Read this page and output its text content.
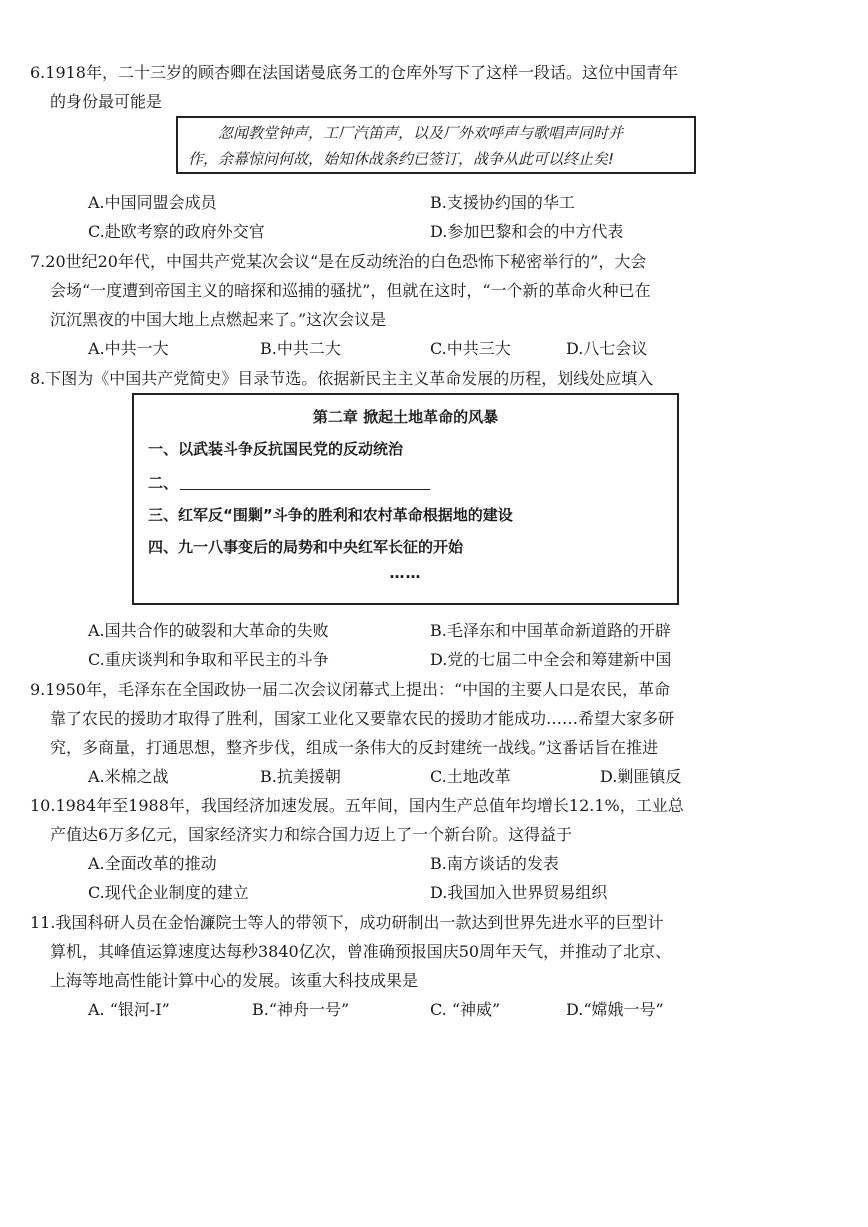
6.1918年，二十三岁的顾杏卿在法国诺曼底务工的仓库外写下了这样一段话。这位中国青年

的身份最可能是

忽闻教堂钟声，工厂汽笛声，以及厂外欢呼声与歌唱声同时并

作，余幕惊问何故，始知休战条约已签订，战争从此可以终止矣!

A.中国同盟会成员	B.支援协约国的华工
C.赴欧考察的政府外交官	D.参加巴黎和会的中方代表

7.20世纪20年代，中国共产党某次会议“是在反动统治的白色恐怖下秘密举行的”，大会

会场“一度遭到帝国主义的暗探和巡捕的骚扰”，但就在这时，“一个新的革命火种已在

沉沉黑夜的中国大地上点燃起来了。”这次会议是

A.中共一大	B.中共二大	C.中共三大	D.八七会议

8.下图为《中国共产党简史》目录节选。依据新民主主义革命发展的历程，划线处应填入

第二章 掀起土地革命的风暴
一、以武装斗争反抗国民党的反动统治
二、
三、红军反“围剿”斗争的胜利和农村革命根据地的建设
四、九一八事变后的局势和中央红军长征的开始
……
A.国共合作的破裂和大革命的失败	B.毛泽东和中国革命新道路的开辟
C.重庆谈判和争取和平民主的斗争	D.党的七届二中全会和筹建新中国

9.1950年，毛泽东在全国政协一届二次会议闭幕式上提出：“中国的主要人口是农民，革命

靠了农民的援助才取得了胜利，国家工业化又要靠农民的援助才能成功……希望大家多研

究，多商量，打通思想，整齐步伐，组成一条伟大的反封建统一战线。”这番话旨在推进

A.米棉之战	B.抗美援朝	C.土地改革	D.剿匪镇反

10.1984年至1988年，我国经济加速发展。五年间，国内生产总值年均增长12.1%，工业总

产值达6万多亿元，国家经济实力和综合国力迈上了一个新台阶。这得益于

A.全面改革的推动	B.南方谈话的发表
C.现代企业制度的建立	D.我国加入世界贸易组织

11.我国科研人员在金怡濂院士等人的带领下，成功研制出一款达到世界先进水平的巨型计

算机，其峰值运算速度达每秒3840亿次，曾准确预报国庆50周年天气，并推动了北京、

上海等地高性能计算中心的发展。该重大科技成果是

A. “银河-Ⅰ”	B.“神舟一号”	C. “神威”	D.“嫦娥一号”
